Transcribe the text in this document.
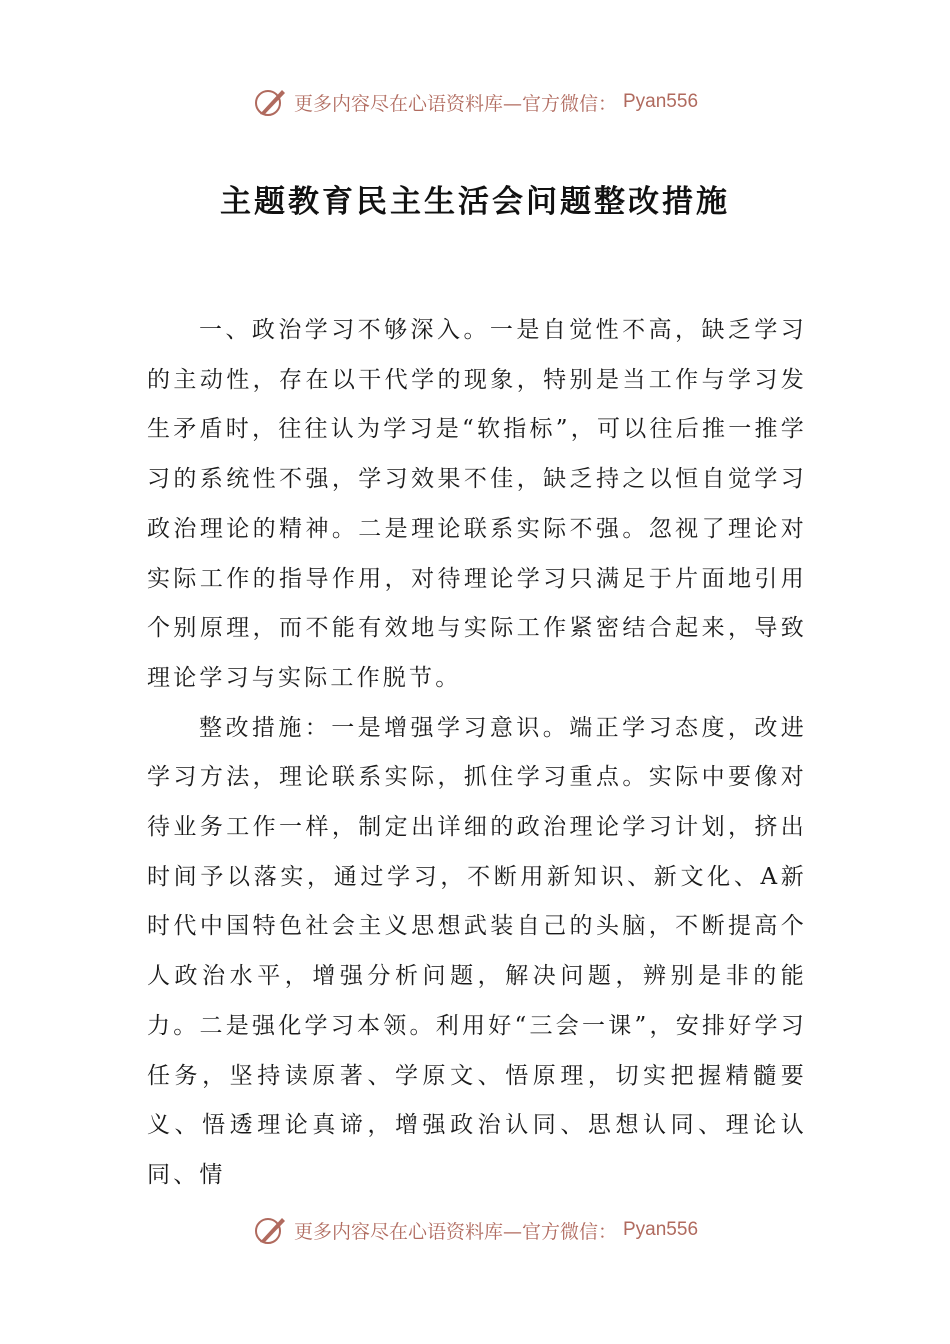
更多内容尽在心语资料库—官方微信： Pyan556
主题教育民主生活会问题整改措施

一、政治学习不够深入。一是自觉性不高，缺乏学习的主动性，存在以干代学的现象，特别是当工作与学习发生矛盾时，往往认为学习是“软指标”，可以往后推一推学习的系统性不强，学习效果不佳，缺乏持之以恒自觉学习政治理论的精神。二是理论联系实际不强。忽视了理论对实际工作的指导作用，对待理论学习只满足于片面地引用个别原理，而不能有效地与实际工作紧密结合起来，导致理论学习与实际工作脱节。

整改措施：一是增强学习意识。端正学习态度，改进学习方法，理论联系实际，抓住学习重点。实际中要像对待业务工作一样，制定出详细的政治理论学习计划，挤出时间予以落实，通过学习，不断用新知识、新文化、A新时代中国特色社会主义思想武装自己的头脑，不断提高个人政治水平，增强分析问题，解决问题，辨别是非的能力。二是强化学习本领。利用好“三会一课”，安排好学习任务，坚持读原著、学原文、悟原理，切实把握精髓要义、悟透理论真谛，增强政治认同、思想认同、理论认同、情

更多内容尽在心语资料库—官方微信： Pyan556
